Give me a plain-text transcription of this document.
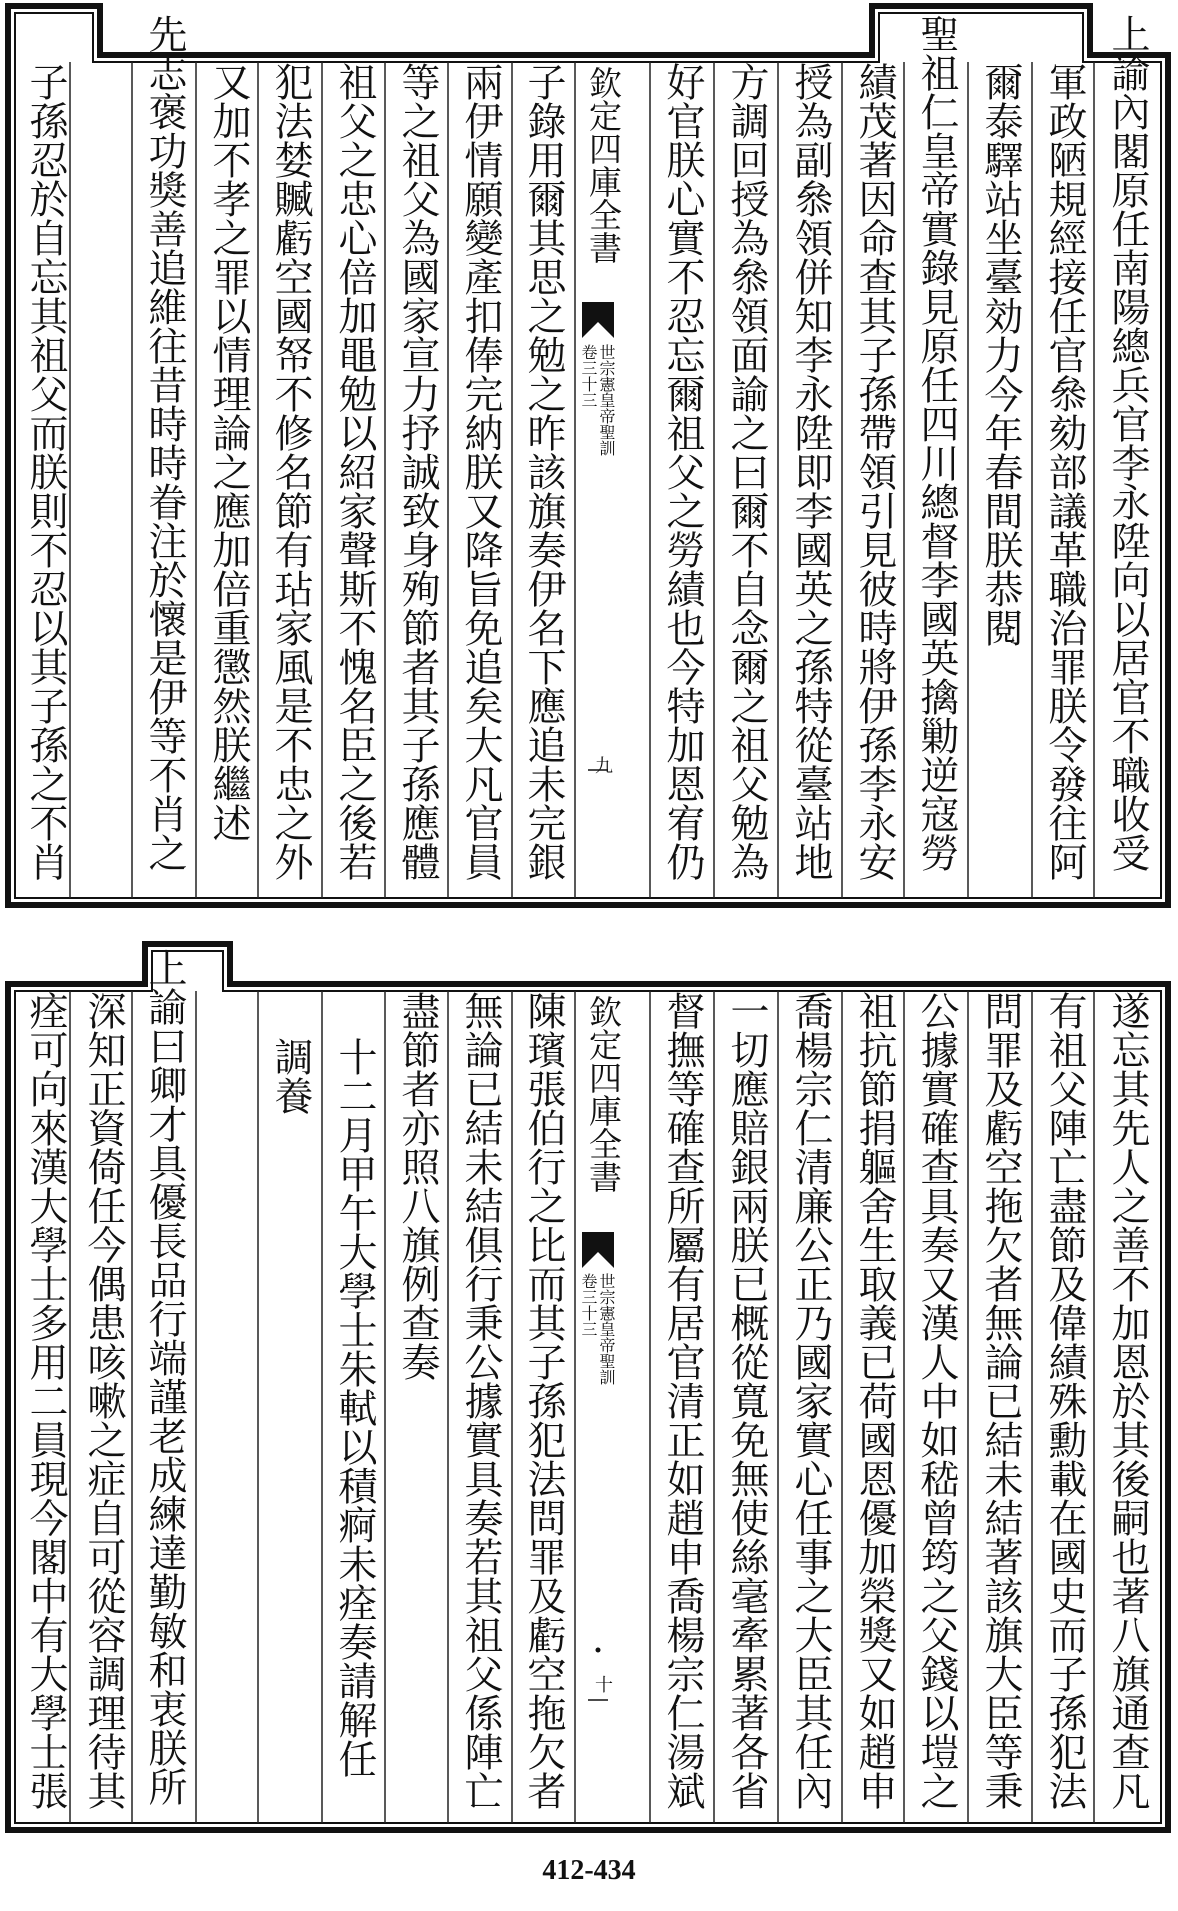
上諭內閣原任南陽總兵官李永陞向以居官不職收受
軍政陋規經接任官叅劾部議革職治罪朕令發往阿
爾泰驛站坐臺効力今年春間朕恭閱
聖祖仁皇帝實錄見原任四川總督李國英擒勦逆寇勞
績茂著因命查其子孫帶領引見彼時將伊孫李永安
授為副叅領併知李永陞即李國英之孫特從臺站地
方調回授為叅領面諭之曰爾不自念爾之祖父勉為
好官朕心實不忍忘爾祖父之勞績也今特加恩宥仍
欽定四庫全書
世宗憲皇帝聖訓
卷三十三
九
子錄用爾其思之勉之昨該旗奏伊名下應追未完銀
兩伊情願變產扣俸完納朕又降旨免追矣大凡官員
等之祖父為國家宣力抒誠致身殉節者其子孫應體
祖父之忠心倍加黽勉以紹家聲斯不愧名臣之後若
犯法婪贓虧空國帑不修名節有玷家風是不忠之外
又加不孝之罪以情理論之應加倍重懲然朕繼述
先志褒功獎善追維往昔時時眷注於懷是伊等不肖之
子孫忍於自忘其祖父而朕則不忍以其子孫之不肖
遂忘其先人之善不加恩於其後嗣也著八旗通查凡
有祖父陣亡盡節及偉績殊勳載在國史而子孫犯法
問罪及虧空拖欠者無論已結未結著該旗大臣等秉
公據實確查具奏又漢人中如嵇曾筠之父錢以塏之
祖抗節捐軀舍生取義已荷國恩優加榮獎又如趙申
喬楊宗仁清廉公正乃國家實心任事之大臣其任內
一切應賠銀兩朕已概從寬免無使絲毫牽累著各省
督撫等確查所屬有居官清正如趙申喬楊宗仁湯斌
欽定四庫全書
世宗憲皇帝聖訓
卷三十三
十
陳璸張伯行之比而其子孫犯法問罪及虧空拖欠者
無論已結未結俱行秉公據實具奏若其祖父係陣亡
盡節者亦照八旗例查奏
十二月甲午大學士朱軾以積痾未痊奏請解任
調養
上諭曰卿才具優長品行端謹老成練達勤敏和衷朕所
深知正資倚任今偶患咳嗽之症自可從容調理待其
痊可向來漢大學士多用二員現今閣中有大學士張
412-434
